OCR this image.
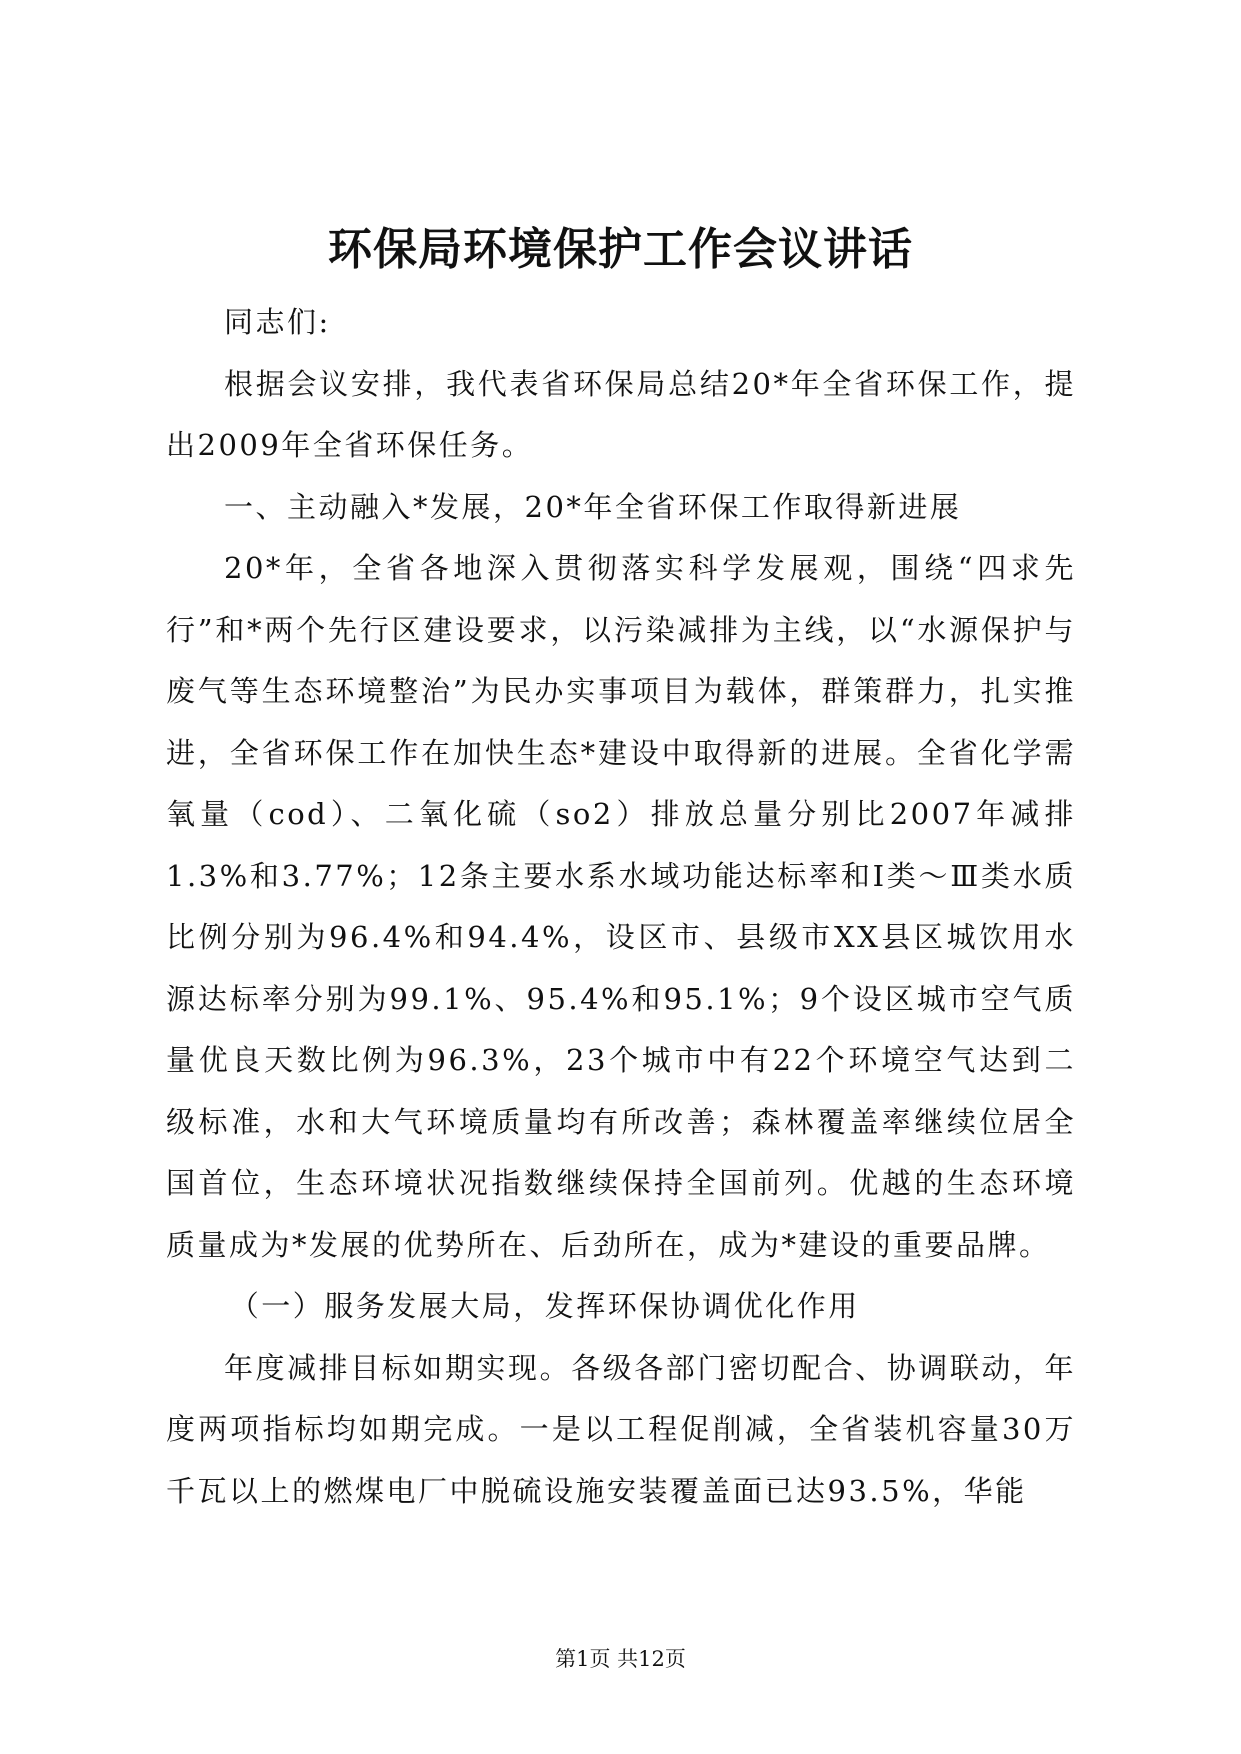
环保局环境保护工作会议讲话

同志们:

根据会议安排，我代表省环保局总结20*年全省环保工作，提出2009年全省环保任务。

一、主动融入*发展，20*年全省环保工作取得新进展

20*年，全省各地深入贯彻落实科学发展观，围绕“四求先行”和*两个先行区建设要求，以污染减排为主线，以“水源保护与废气等生态环境整治”为民办实事项目为载体，群策群力，扎实推进，全省环保工作在加快生态*建设中取得新的进展。全省化学需氧量（cod）、二氧化硫（so2）排放总量分别比2007年减排1.3%和3.77%；12条主要水系水域功能达标率和Ⅰ类～Ⅲ类水质比例分别为96.4%和94.4%，设区市、县级市XX县区城饮用水源达标率分别为99.1%、95.4%和95.1%；9个设区城市空气质量优良天数比例为96.3%，23个城市中有22个环境空气达到二级标准，水和大气环境质量均有所改善；森林覆盖率继续位居全国首位，生态环境状况指数继续保持全国前列。优越的生态环境质量成为*发展的优势所在、后劲所在，成为*建设的重要品牌。

（一）服务发展大局，发挥环保协调优化作用

年度减排目标如期实现。各级各部门密切配合、协调联动，年度两项指标均如期完成。一是以工程促削减，全省装机容量30万千瓦以上的燃煤电厂中脱硫设施安装覆盖面已达93.5%，华能

第1页 共12页
